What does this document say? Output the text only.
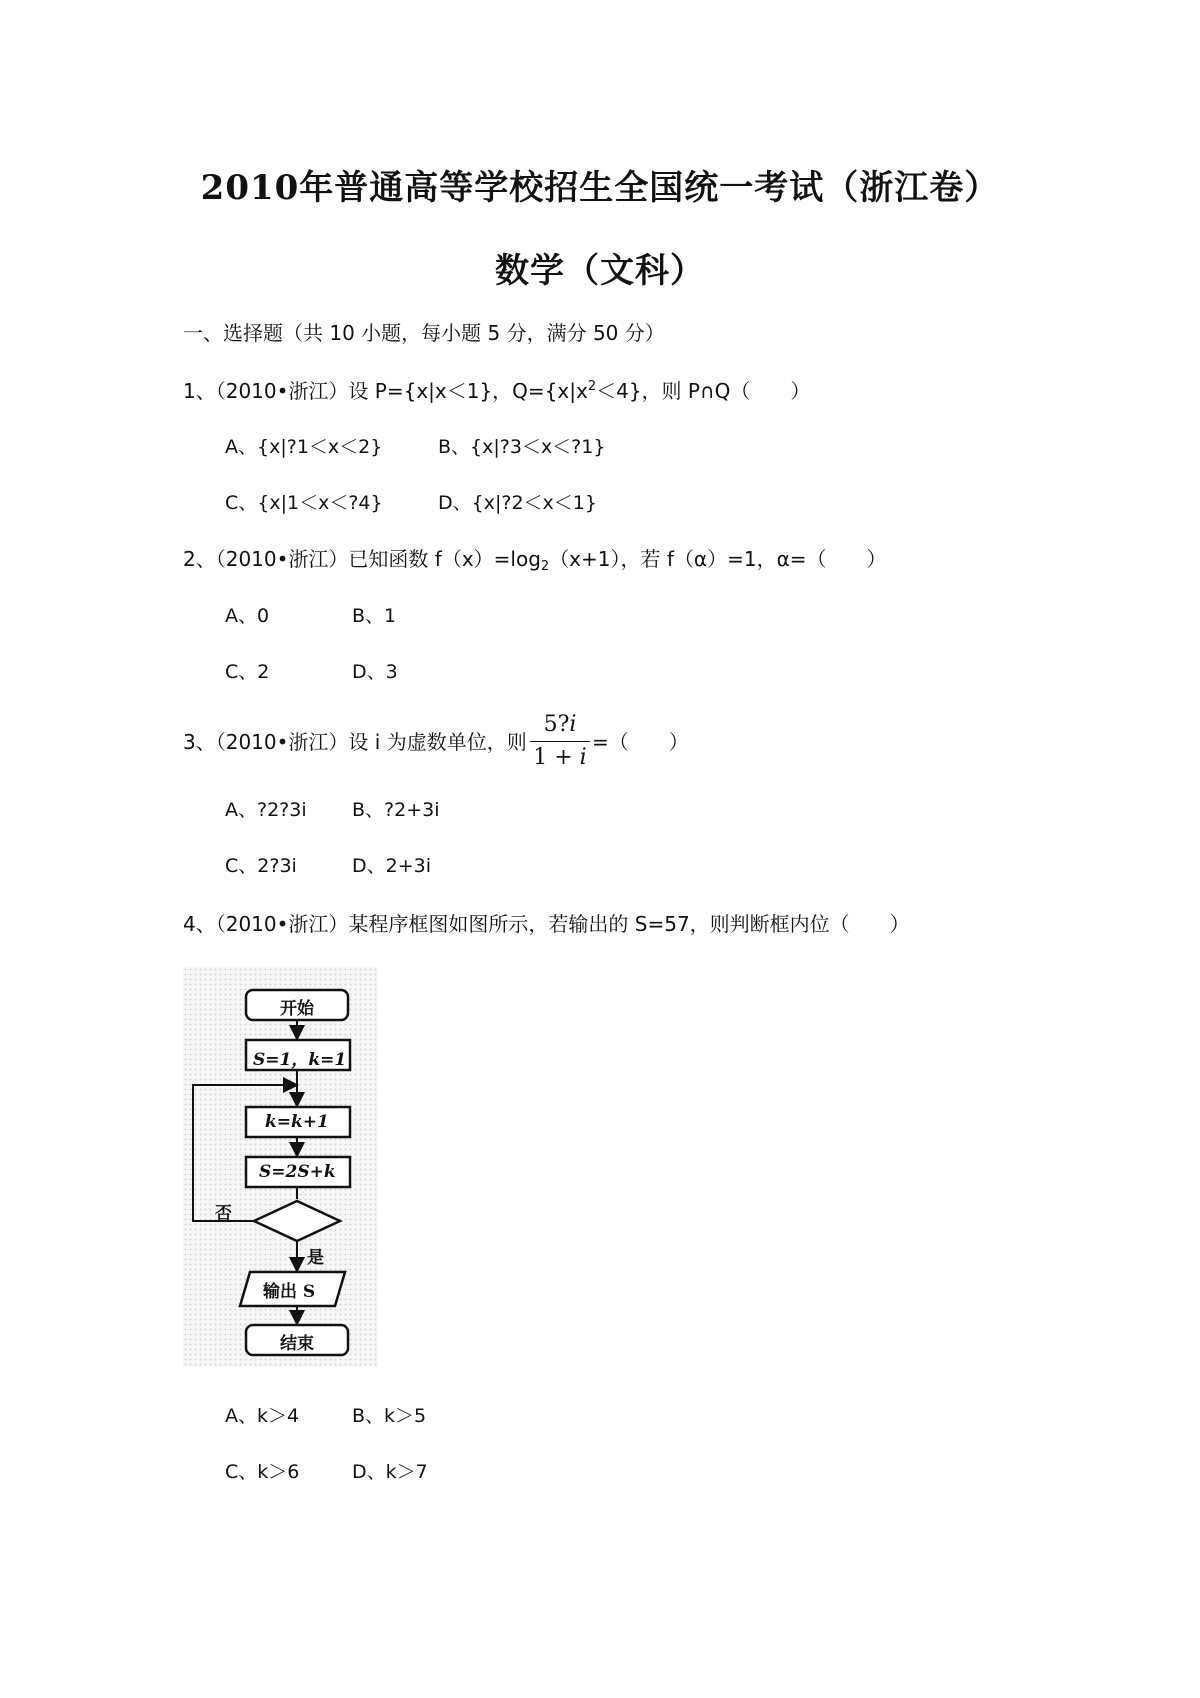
2010年普通高等学校招生全国统一考试（浙江卷）
数学（文科）
一、选择题（共 10 小题，每小题 5 分，满分 50 分）
1、（2010•浙江）设 P={x|x＜1}，$Q=\{x|x^2<4\}$，则 P∩Q（　　）
A、{x|?1＜x＜2}	B、{x|?3＜x＜?1}
C、{x|1＜x＜?4}	D、{x|?2＜x＜1}
2、（2010•浙江）已知函数 $f(x)=\log_2(x+1)$，若 f（α）=1，α=（　　）
A、0	B、1
C、2	D、3
3、（2010•浙江）设 i 为虚数单位，则
5?𝑖
1 + 𝑖
=（　　）
A、?2?3i B、?2+3i
C、2?3i	D、2+3i
4、（2010•浙江）某程序框图如图所示，若输出的 S=57，则判断框内位（　　）
开始
S=1，k=1
k=k+1
S=2S+k
否
是
输出 S
结束
A、k＞4	B、k＞5
C、k＞6	D、k＞7
